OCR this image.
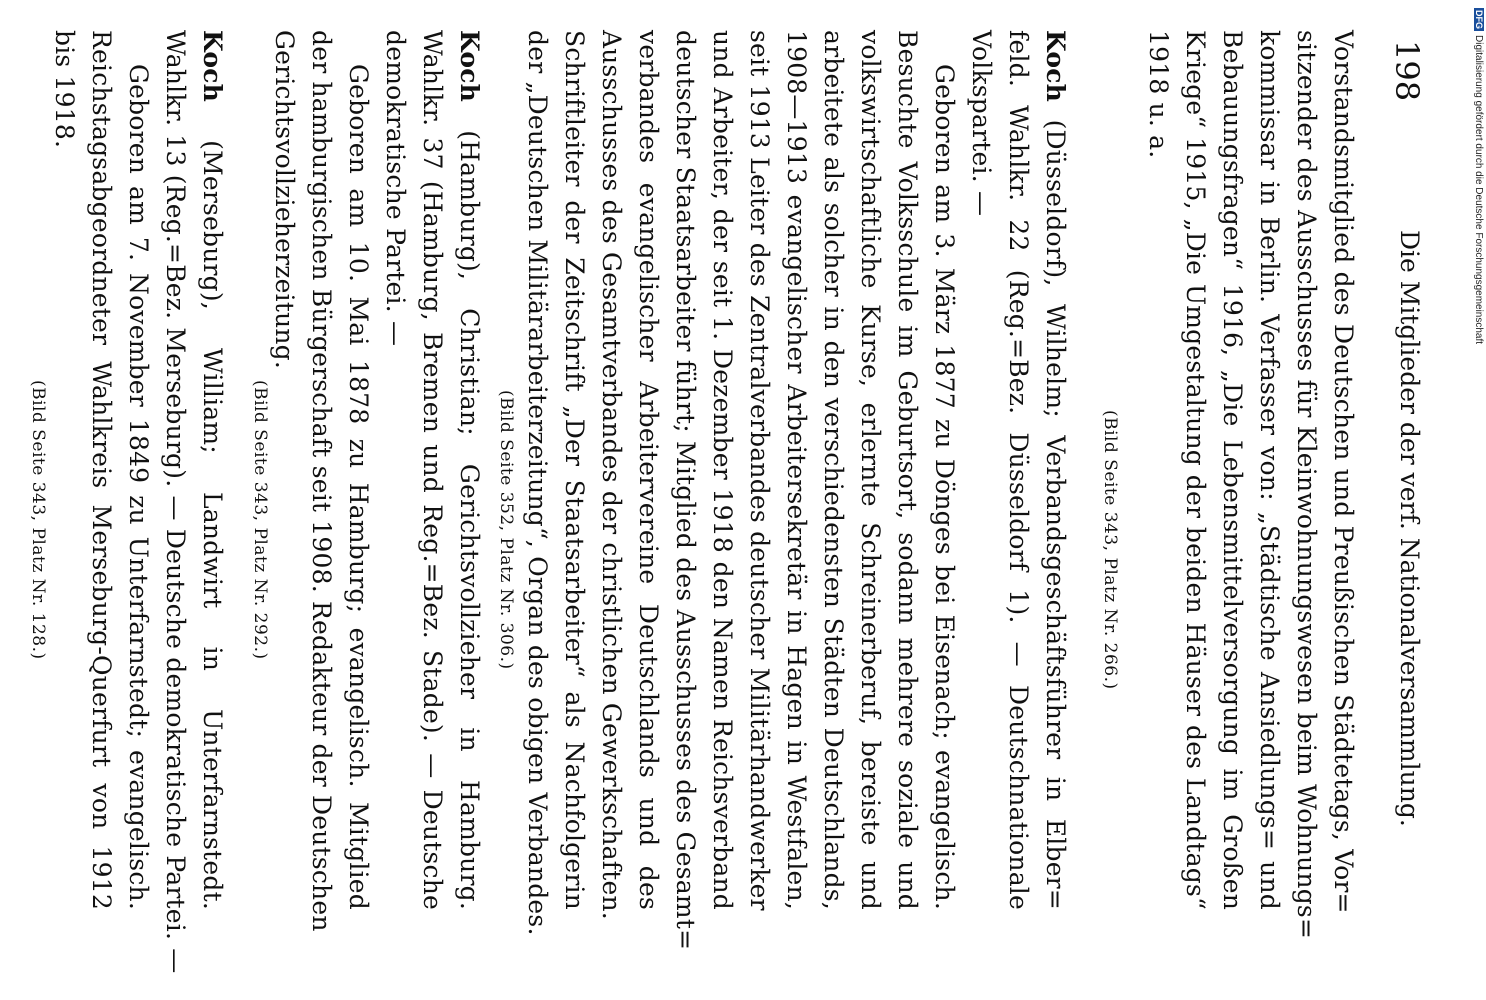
198
Die Mitglieder der verf. Nationalversammlung.
Vorstandsmitglied des Deutschen und Preußischen Städtetags, Vor=
sitzender des Ausschusses für Kleinwohnungswesen beim Wohnungs=
kommissar in Berlin. Verfasser von: „Städtische Ansiedlungs= und
Bebauungsfragen“ 1916, „Die Lebensmittelversorgung im Großen
Kriege“ 1915, „Die Umgestaltung der beiden Häuser des Landtags“
1918 u. a.
(Bild Seite 343, Platz Nr. 266.)
Koch (Düsseldorf), Wilhelm; Verbandsgeschäftsführer in Elber=
feld. Wahlkr. 22 (Reg.=Bez. Düsseldorf 1). — Deutschnationale
Volkspartei. —
Geboren am 3. März 1877 zu Dönges bei Eisenach; evangelisch.
Besuchte Volksschule im Geburtsort, sodann mehrere soziale und
volkswirtschaftliche Kurse, erlernte Schreinerberuf, bereiste und
arbeitete als solcher in den verschiedensten Städten Deutschlands,
1908—1913 evangelischer Arbeitersekretär in Hagen in Westfalen,
seit 1913 Leiter des Zentralverbandes deutscher Militärhandwerker
und Arbeiter, der seit 1. Dezember 1918 den Namen Reichsverband
deutscher Staatsarbeiter führt; Mitglied des Ausschusses des Gesamt=
verbandes evangelischer Arbeitervereine Deutschlands und des
Ausschusses des Gesamtverbandes der christlichen Gewerkschaften.
Schriftleiter der Zeitschrift „Der Staatsarbeiter“ als Nachfolgerin
der „Deutschen Militärarbeiterzeitung“, Organ des obigen Verbandes.
(Bild Seite 352, Platz Nr. 306.)
Koch (Hamburg), Christian; Gerichtsvollzieher in Hamburg.
Wahlkr. 37 (Hamburg, Bremen und Reg.=Bez. Stade). — Deutsche
demokratische Partei. —
Geboren am 10. Mai 1878 zu Hamburg; evangelisch. Mitglied
der hamburgischen Bürgerschaft seit 1908. Redakteur der Deutschen
Gerichtsvollzieherzeitung.
(Bild Seite 343, Platz Nr. 292.)
Koch (Merseburg), William; Landwirt in Unterfarnstedt.
Wahlkr. 13 (Reg.=Bez. Merseburg). — Deutsche demokratische Partei. —
Geboren am 7. November 1849 zu Unterfarnstedt; evangelisch.
Reichstagsabgeordneter Wahlkreis Merseburg-Querfurt von 1912
bis 1918.
(Bild Seite 343, Platz Nr. 128.)
DFGDigitalisierung gefördert durch die Deutsche Forschungsgemeinschaft
